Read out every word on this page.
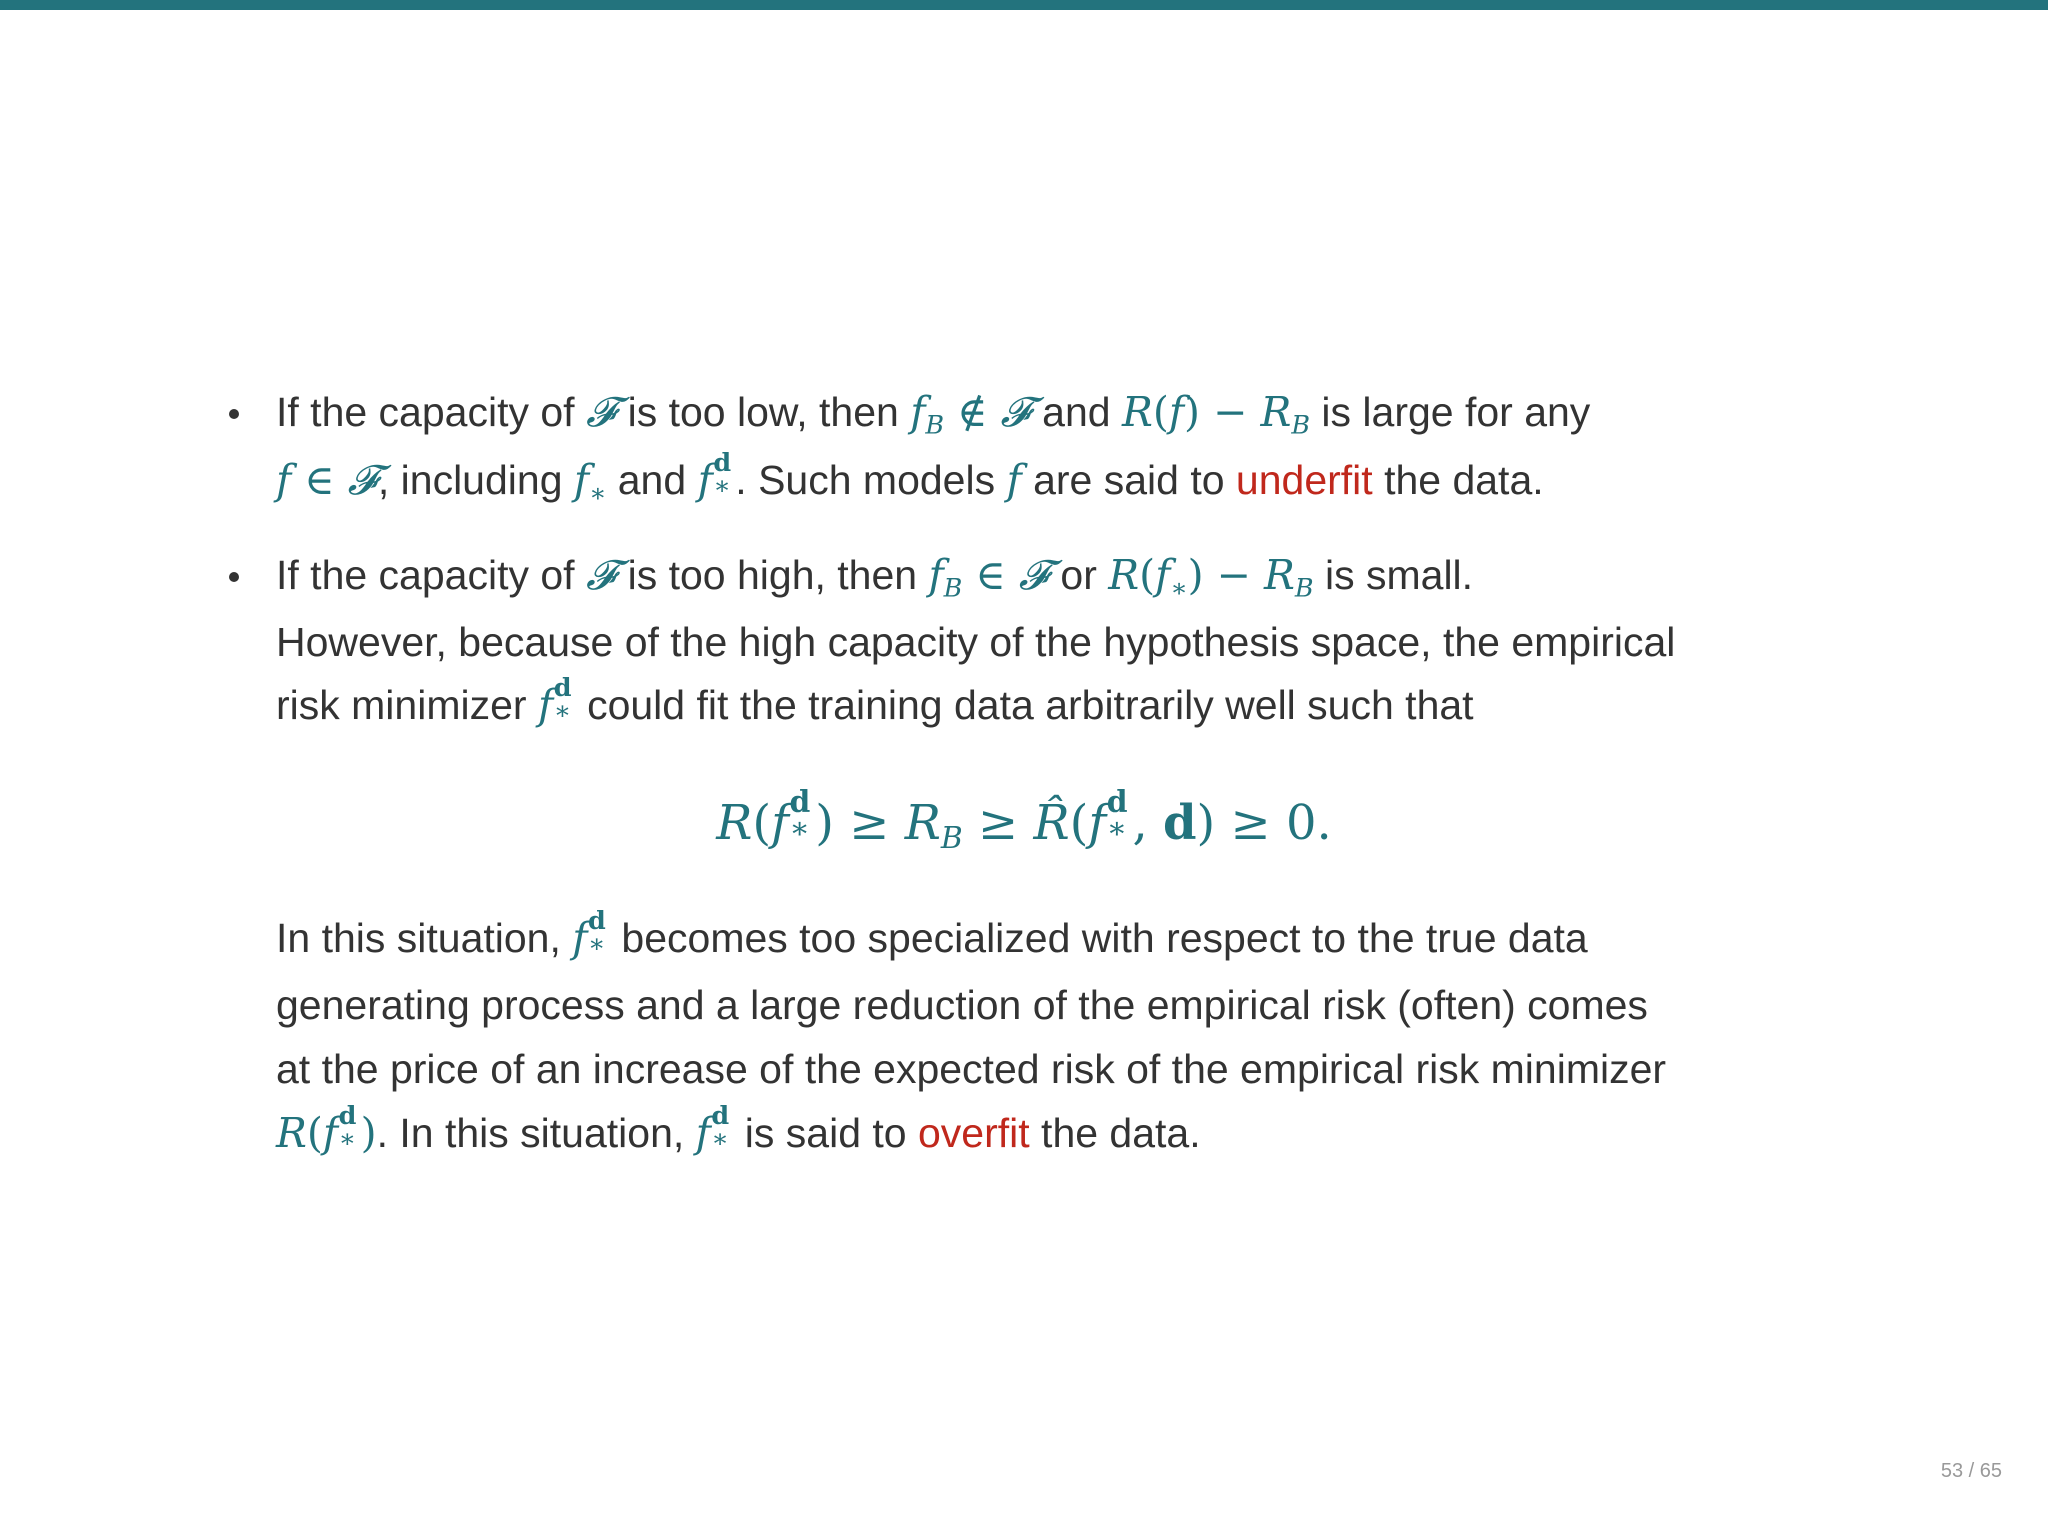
If the capacity of 𝓕 is too low, then fB ∉ 𝓕 and R(f) − RB is large for any
f ∈ 𝓕, including f∗ and f d
∗ . Such models f are said to underfit the data.
If the capacity of 𝓕 is too high, then fB ∈ 𝓕 or R(f∗) − RB is small.
However, because of the high capacity of the hypothesis space, the empirical
risk minimizer f d
∗ could fit the training data arbitrarily well such that
R(f d
∗ ) ≥ RB ≥ R̂(f d
∗ , d) ≥ 0.
In this situation, f d
∗ becomes too specialized with respect to the true data
generating process and a large reduction of the empirical risk (often) comes
at the price of an increase of the expected risk of the empirical risk minimizer
R(f d
∗ ). In this situation, f d
∗ is said to overfit the data.
53 / 65
